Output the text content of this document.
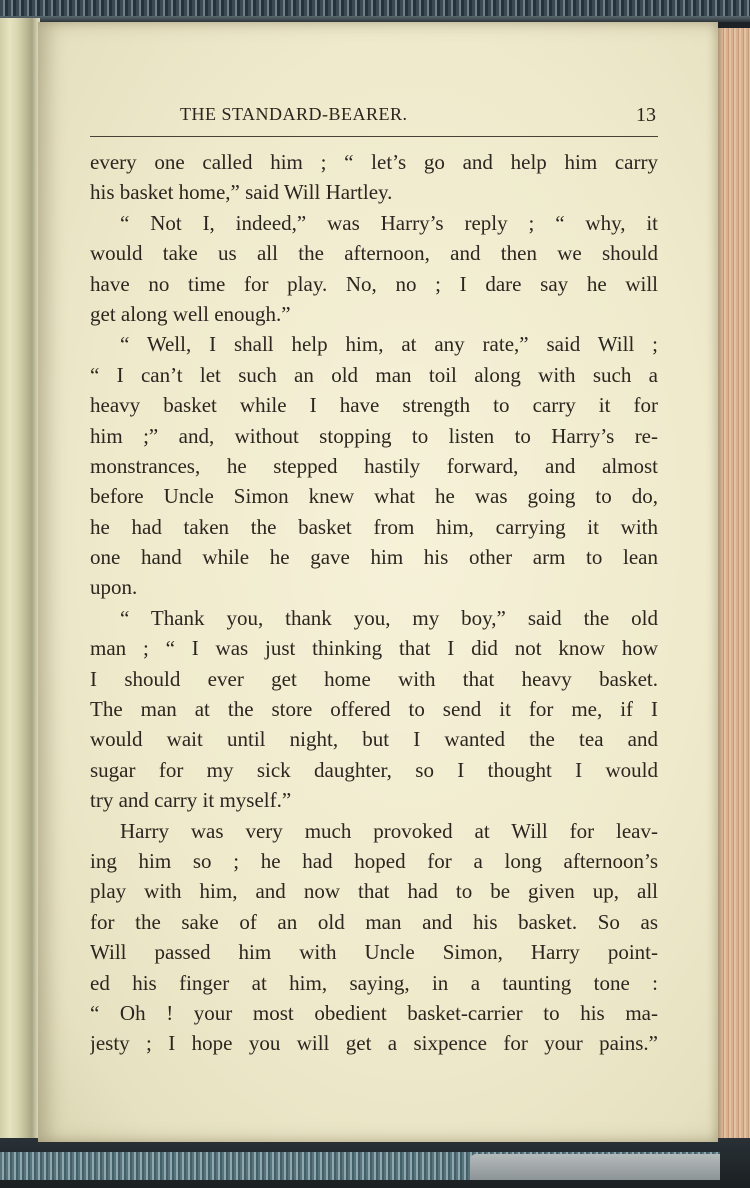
THE STANDARD-BEARER.	13
every one called him ; “ let’s go and help him carry
his basket home,” said Will Hartley.
“ Not I, indeed,” was Harry’s reply ; “ why, it
would take us all the afternoon, and then we should
have no time for play. No, no ; I dare say he will
get along well enough.”
“ Well, I shall help him, at any rate,” said Will ;
“ I can’t let such an old man toil along with such a
heavy basket while I have strength to carry it for
him ;” and, without stopping to listen to Harry’s re-
monstrances, he stepped hastily forward, and almost
before Uncle Simon knew what he was going to do,
he had taken the basket from him, carrying it with
one hand while he gave him his other arm to lean
upon.
“ Thank you, thank you, my boy,” said the old
man ; “ I was just thinking that I did not know how
I should ever get home with that heavy basket.
The man at the store offered to send it for me, if I
would wait until night, but I wanted the tea and
sugar for my sick daughter, so I thought I would
try and carry it myself.”
Harry was very much provoked at Will for leav-
ing him so ; he had hoped for a long afternoon’s
play with him, and now that had to be given up, all
for the sake of an old man and his basket. So as
Will passed him with Uncle Simon, Harry point-
ed his finger at him, saying, in a taunting tone :
“ Oh ! your most obedient basket-carrier to his ma-
jesty ; I hope you will get a sixpence for your pains.”
